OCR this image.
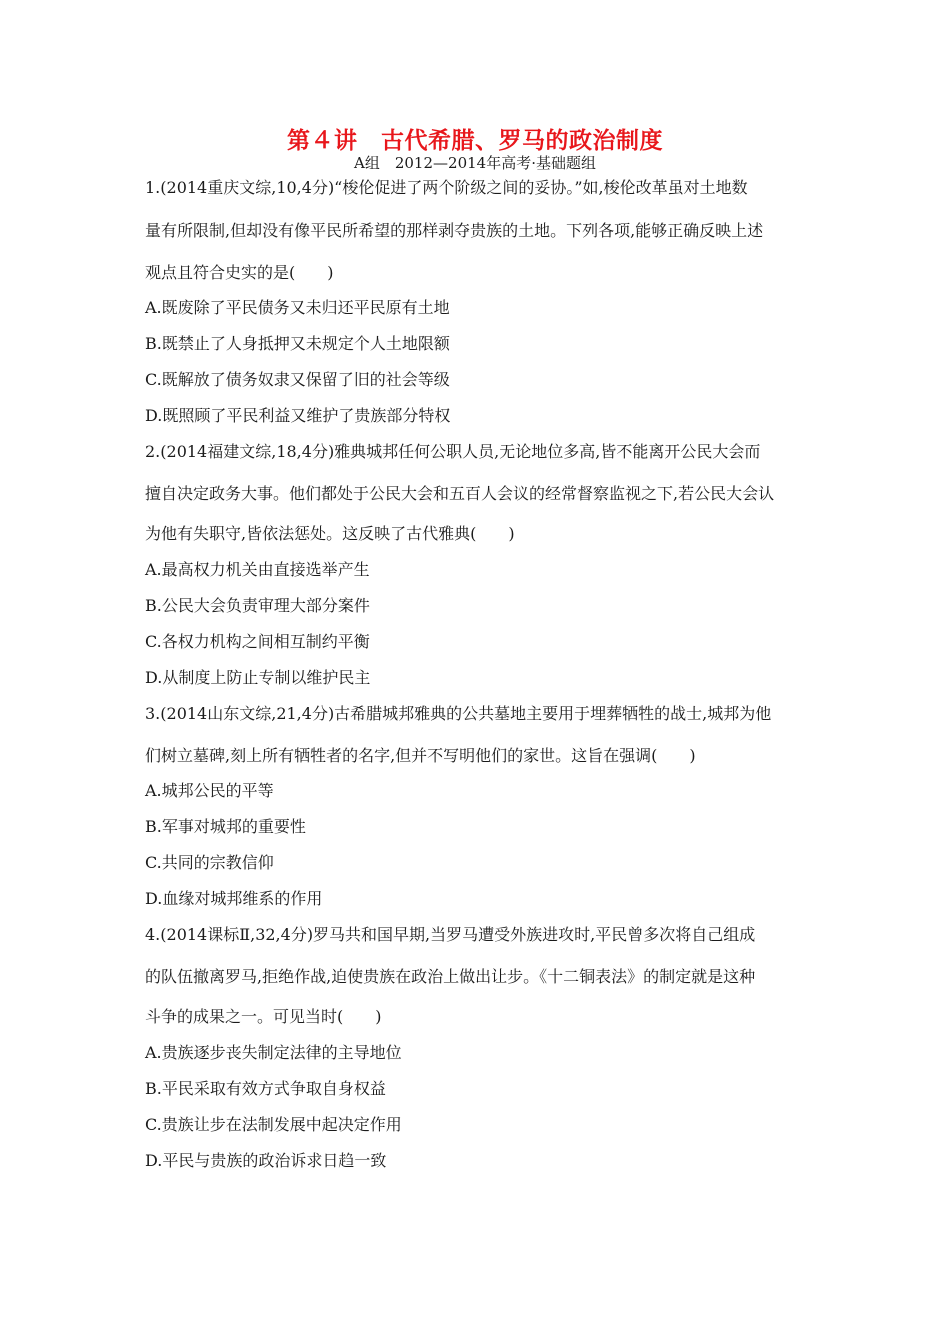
第４讲　古代希腊、罗马的政治制度
A组　2012—2014年高考·基础题组
1.(2014重庆文综,10,4分)“梭伦促进了两个阶级之间的妥协。”如,梭伦改革虽对土地数
量有所限制,但却没有像平民所希望的那样剥夺贵族的土地。下列各项,能够正确反映上述
观点且符合史实的是(　　)
A.既废除了平民债务又未归还平民原有土地
B.既禁止了人身抵押又未规定个人土地限额
C.既解放了债务奴隶又保留了旧的社会等级
D.既照顾了平民利益又维护了贵族部分特权
2.(2014福建文综,18,4分)雅典城邦任何公职人员,无论地位多高,皆不能离开公民大会而
擅自决定政务大事。他们都处于公民大会和五百人会议的经常督察监视之下,若公民大会认
为他有失职守,皆依法惩处。这反映了古代雅典(　　)
A.最高权力机关由直接选举产生
B.公民大会负责审理大部分案件
C.各权力机构之间相互制约平衡
D.从制度上防止专制以维护民主
3.(2014山东文综,21,4分)古希腊城邦雅典的公共墓地主要用于埋葬牺牲的战士,城邦为他
们树立墓碑,刻上所有牺牲者的名字,但并不写明他们的家世。这旨在强调(　　)
A.城邦公民的平等
B.军事对城邦的重要性
C.共同的宗教信仰
D.血缘对城邦维系的作用
4.(2014课标Ⅱ,32,4分)罗马共和国早期,当罗马遭受外族进攻时,平民曾多次将自己组成
的队伍撤离罗马,拒绝作战,迫使贵族在政治上做出让步。《十二铜表法》的制定就是这种
斗争的成果之一。可见当时(　　)
A.贵族逐步丧失制定法律的主导地位
B.平民采取有效方式争取自身权益
C.贵族让步在法制发展中起决定作用
D.平民与贵族的政治诉求日趋一致
